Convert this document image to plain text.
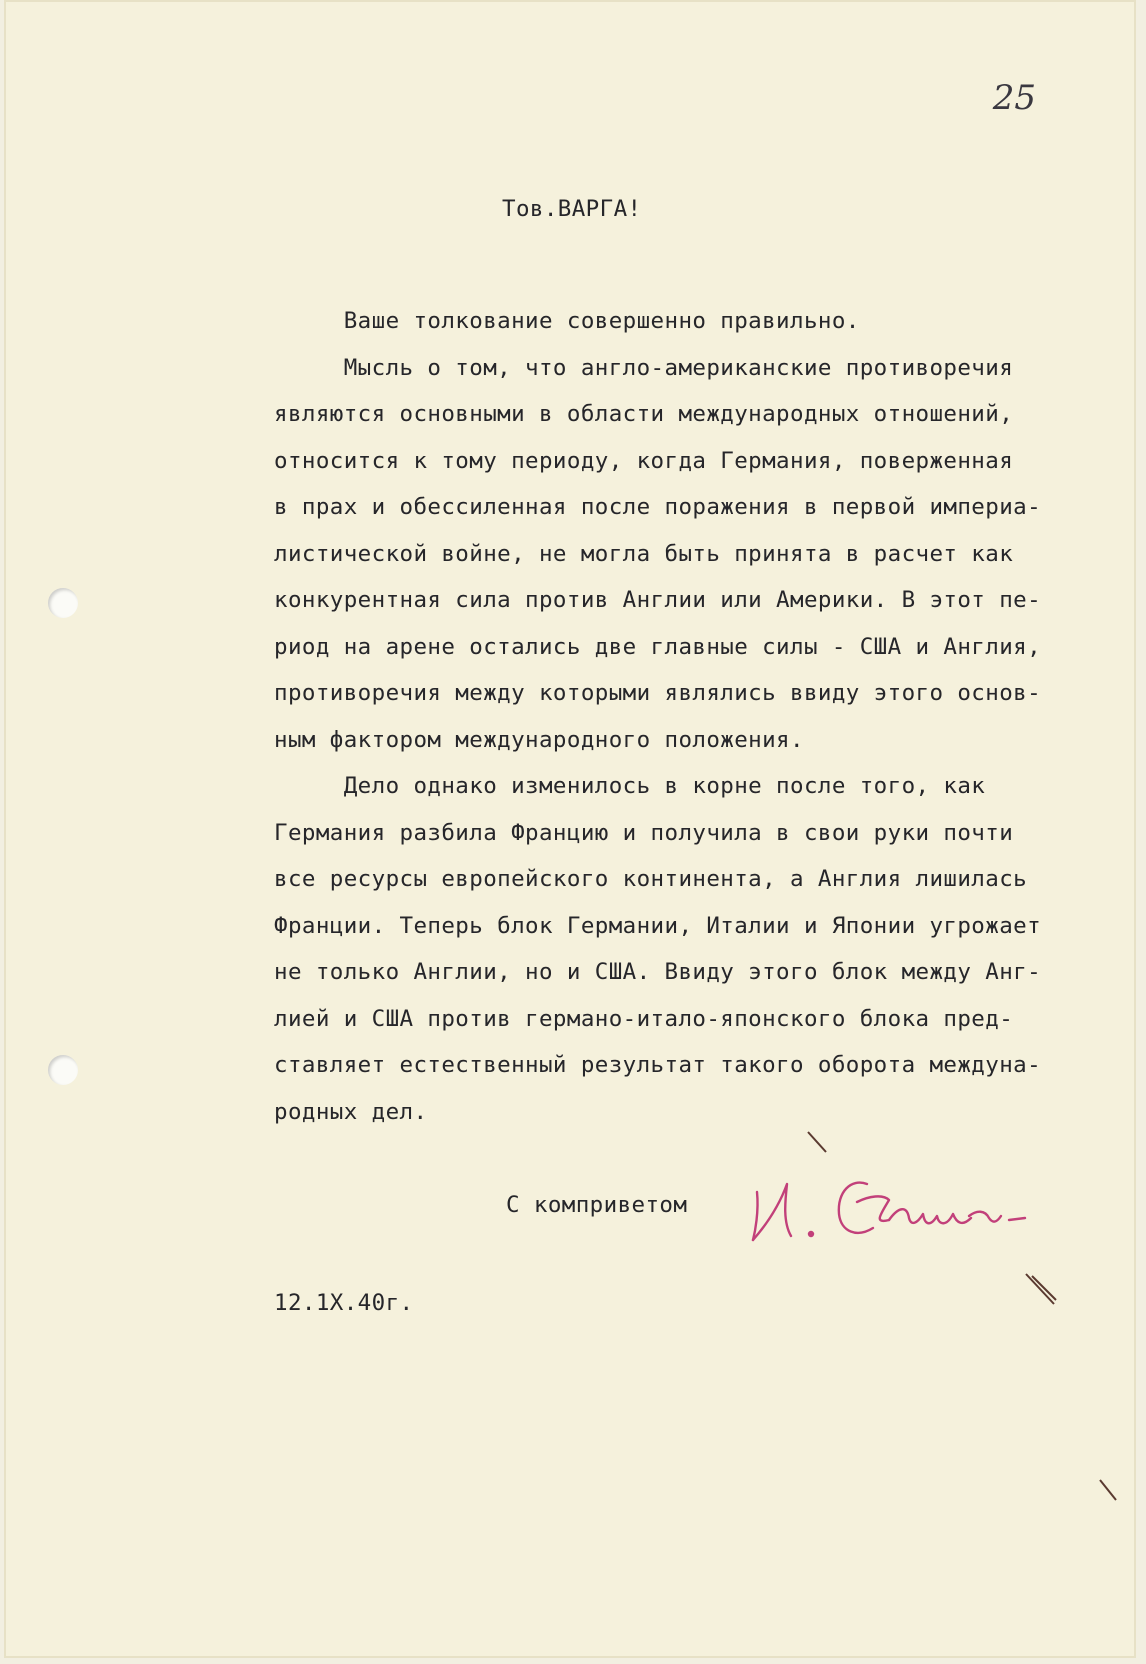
25
Тов.ВАРГА!
Ваше толкование совершенно правильно.
Мысль о том, что англо-американские противоречия
являются основными в области международных отношений,
относится к тому периоду, когда Германия, поверженная
в прах и обессиленная после поражения в первой империа-
листической войне, не могла быть принята в расчет как
конкурентная сила против Англии или Америки. В этот пе-
риод на арене остались две главные силы - США и Англия,
противоречия между которыми являлись ввиду этого основ-
ным фактором международного положения.
Дело однако изменилось в корне после того, как
Германия разбила Францию и получила в свои руки почти
все ресурсы европейского континента, а Англия лишилась
Франции. Теперь блок Германии, Италии и Японии угрожает
не только Англии, но и США. Ввиду этого блок между Анг-
лией и США против германо-итало-японского блока пред-
ставляет естественный результат такого оборота междуна-
родных дел.
С комприветом
12.1Х.40г.
